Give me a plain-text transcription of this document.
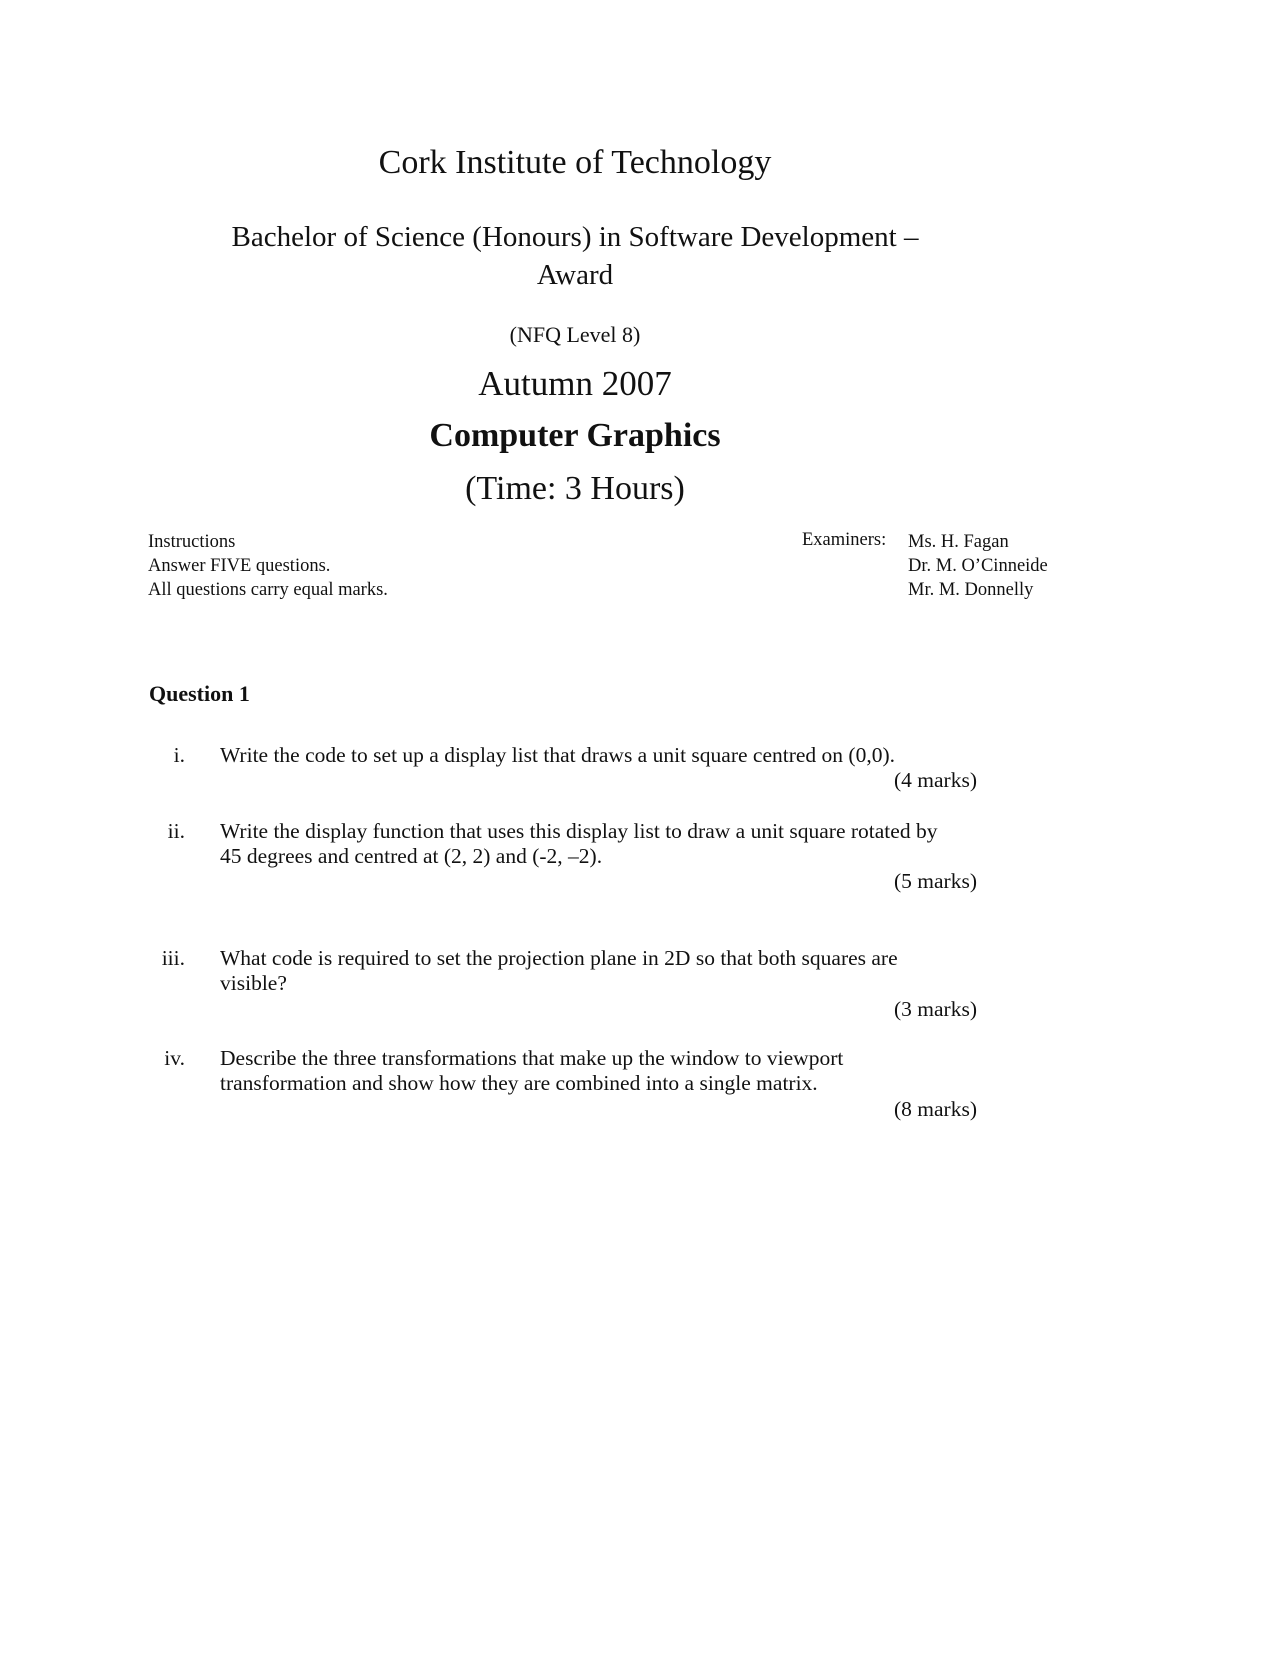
Cork Institute of Technology
Bachelor of Science (Honours) in Software Development –
Award
(NFQ Level 8)
Autumn 2007
Computer Graphics
(Time: 3 Hours)
Instructions
Answer FIVE questions.
All questions carry equal marks.
Examiners: Ms. H. Fagan
Dr. M. O’Cinneide
Mr. M. Donnelly
Question 1
i. Write the code to set up a display list that draws a unit square centred on (0,0).
(4 marks)
ii. Write the display function that uses this display list to draw a unit square rotated by
45 degrees and centred at (2, 2) and (-2, –2).
(5 marks)
iii. What code is required to set the projection plane in 2D so that both squares are
visible?
(3 marks)
iv. Describe the three transformations that make up the window to viewport
transformation and show how they are combined into a single matrix.
(8 marks)
